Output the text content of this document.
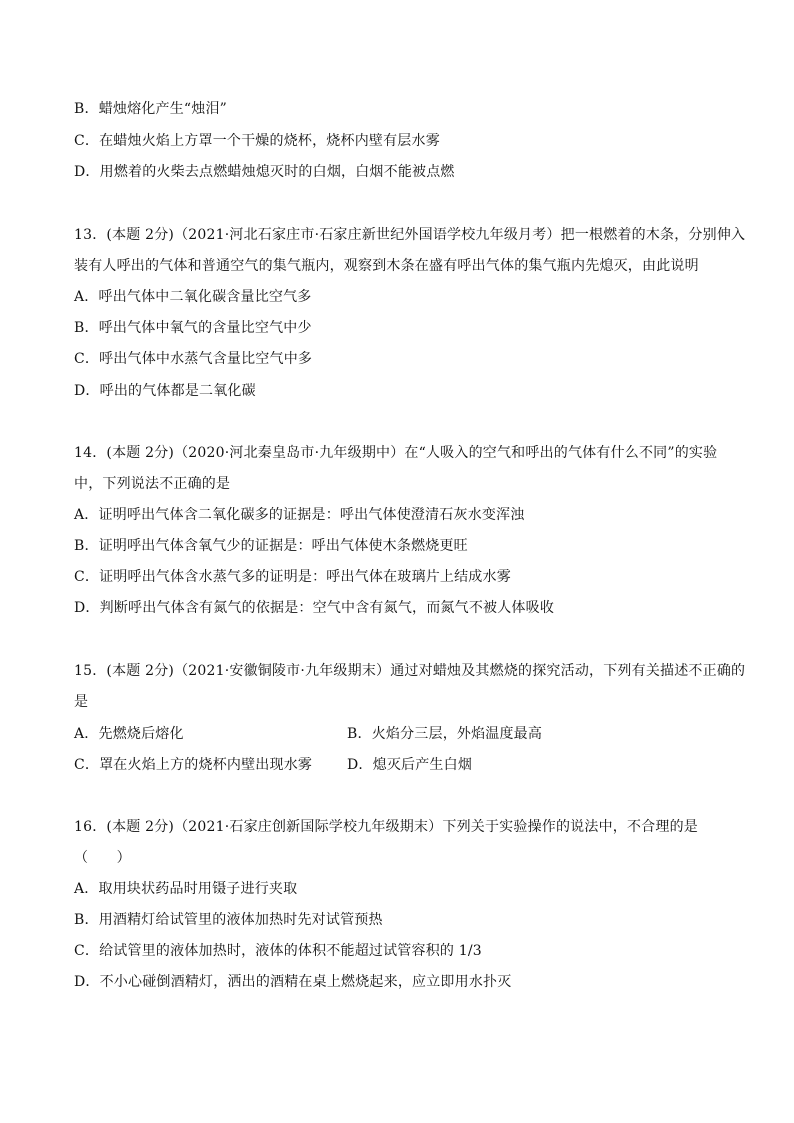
B．蜡烛熔化产生“烛泪”
C．在蜡烛火焰上方罩一个干燥的烧杯，烧杯内壁有层水雾
D．用燃着的火柴去点燃蜡烛熄灭时的白烟，白烟不能被点燃
13．(本题 2分)（2021·河北石家庄市·石家庄新世纪外国语学校九年级月考）把一根燃着的木条，分别伸入
装有人呼出的气体和普通空气的集气瓶内，观察到木条在盛有呼出气体的集气瓶内先熄灭，由此说明
A．呼出气体中二氧化碳含量比空气多
B．呼出气体中氧气的含量比空气中少
C．呼出气体中水蒸气含量比空气中多
D．呼出的气体都是二氧化碳
14．(本题 2分)（2020·河北秦皇岛市·九年级期中）在“人吸入的空气和呼出的气体有什么不同”的实验
中，下列说法不正确的是
A．证明呼出气体含二氧化碳多的证据是：呼出气体使澄清石灰水变浑浊
B．证明呼出气体含氧气少的证据是：呼出气体使木条燃烧更旺
C．证明呼出气体含水蒸气多的证明是：呼出气体在玻璃片上结成水雾
D．判断呼出气体含有氮气的依据是：空气中含有氮气，而氮气不被人体吸收
15．(本题 2分)（2021·安徽铜陵市·九年级期末）通过对蜡烛及其燃烧的探究活动，下列有关描述不正确的
是
A．先燃烧后熔化	B．火焰分三层，外焰温度最高
C．罩在火焰上方的烧杯内壁出现水雾 D．熄灭后产生白烟
16．(本题 2分)（2021·石家庄创新国际学校九年级期末）下列关于实验操作的说法中，不合理的是
（　　）
A．取用块状药品时用镊子进行夹取
B．用酒精灯给试管里的液体加热时先对试管预热
C．给试管里的液体加热时，液体的体积不能超过试管容积的 1/3
D．不小心碰倒酒精灯，洒出的酒精在桌上燃烧起来，应立即用水扑灭
